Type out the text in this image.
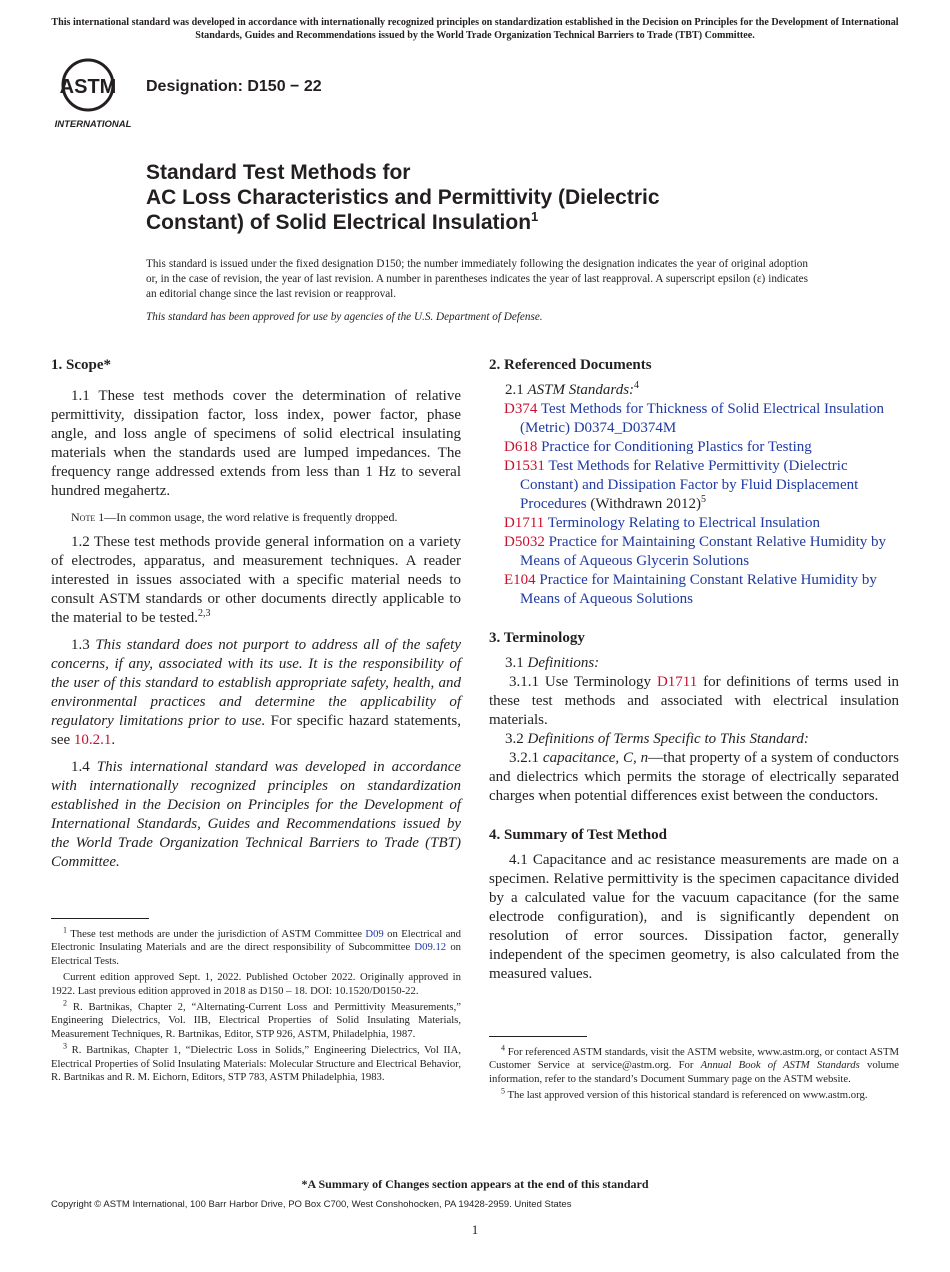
This international standard was developed in accordance with internationally recognized principles on standardization established in the Decision on Principles for the Development of International Standards, Guides and Recommendations issued by the World Trade Organization Technical Barriers to Trade (TBT) Committee.
ASTM
INTERNATIONAL
Designation: D150 − 22
Standard Test Methods for
AC Loss Characteristics and Permittivity (Dielectric
Constant) of Solid Electrical Insulation$^1$
This standard is issued under the fixed designation D150; the number immediately following the designation indicates the year of original adoption or, in the case of revision, the year of last revision. A number in parentheses indicates the year of last reapproval. A superscript epsilon (ε) indicates an editorial change since the last revision or reapproval.
This standard has been approved for use by agencies of the U.S. Department of Defense.
1. Scope*

1.1 These test methods cover the determination of relative permittivity, dissipation factor, loss index, power factor, phase angle, and loss angle of specimens of solid electrical insulating materials when the standards used are lumped impedances. The frequency range addressed extends from less than 1 Hz to several hundred megahertz.

Note 1—In common usage, the word relative is frequently dropped.

1.2 These test methods provide general information on a variety of electrodes, apparatus, and measurement techniques. A reader interested in issues associated with a specific material needs to consult ASTM standards or other documents directly applicable to the material to be tested.$^{2,3}$

1.3 This standard does not purport to address all of the safety concerns, if any, associated with its use. It is the responsibility of the user of this standard to establish appropriate safety, health, and environmental practices and determine the applicability of regulatory limitations prior to use. For specific hazard statements, see 10.2.1.

1.4 This international standard was developed in accordance with internationally recognized principles on standardization established in the Decision on Principles for the Development of International Standards, Guides and Recommendations issued by the World Trade Organization Technical Barriers to Trade (TBT) Committee.

$^1$ These test methods are under the jurisdiction of ASTM Committee D09 on Electrical and Electronic Insulating Materials and are the direct responsibility of Subcommittee D09.12 on Electrical Tests.

Current edition approved Sept. 1, 2022. Published October 2022. Originally approved in 1922. Last previous edition approved in 2018 as D150 – 18. DOI: 10.1520/D0150-22.

$^2$ R. Bartnikas, Chapter 2, “Alternating-Current Loss and Permittivity Measurements,” Engineering Dielectrics, Vol. IIB, Electrical Properties of Solid Insulating Materials, Measurement Techniques, R. Bartnikas, Editor, STP 926, ASTM, Philadelphia, 1987.

$^3$ R. Bartnikas, Chapter 1, “Dielectric Loss in Solids,” Engineering Dielectrics, Vol IIA, Electrical Properties of Solid Insulating Materials: Molecular Structure and Electrical Behavior, R. Bartnikas and R. M. Eichorn, Editors, STP 783, ASTM Philadelphia, 1983.

2. Referenced Documents

2.1 ASTM Standards:$^4$

D374 Test Methods for Thickness of Solid Electrical Insulation (Metric) D0374_D0374M

D618 Practice for Conditioning Plastics for Testing

D1531 Test Methods for Relative Permittivity (Dielectric Constant) and Dissipation Factor by Fluid Displacement Procedures (Withdrawn 2012)$^5$

D1711 Terminology Relating to Electrical Insulation

D5032 Practice for Maintaining Constant Relative Humidity by Means of Aqueous Glycerin Solutions

E104 Practice for Maintaining Constant Relative Humidity by Means of Aqueous Solutions

3. Terminology

3.1 Definitions:

3.1.1 Use Terminology D1711 for definitions of terms used in these test methods and associated with electrical insulation materials.

3.2 Definitions of Terms Specific to This Standard:

3.2.1 capacitance, C, n—that property of a system of conductors and dielectrics which permits the storage of electrically separated charges when potential differences exist between the conductors.

4. Summary of Test Method

4.1 Capacitance and ac resistance measurements are made on a specimen. Relative permittivity is the specimen capacitance divided by a calculated value for the vacuum capacitance (for the same electrode configuration), and is significantly dependent on resolution of error sources. Dissipation factor, generally independent of the specimen geometry, is also calculated from the measured values.

$^4$ For referenced ASTM standards, visit the ASTM website, www.astm.org, or contact ASTM Customer Service at service@astm.org. For Annual Book of ASTM Standards volume information, refer to the standard’s Document Summary page on the ASTM website.

$^5$ The last approved version of this historical standard is referenced on www.astm.org.

*A Summary of Changes section appears at the end of this standard
Copyright © ASTM International, 100 Barr Harbor Drive, PO Box C700, West Conshohocken, PA 19428-2959. United States
1
